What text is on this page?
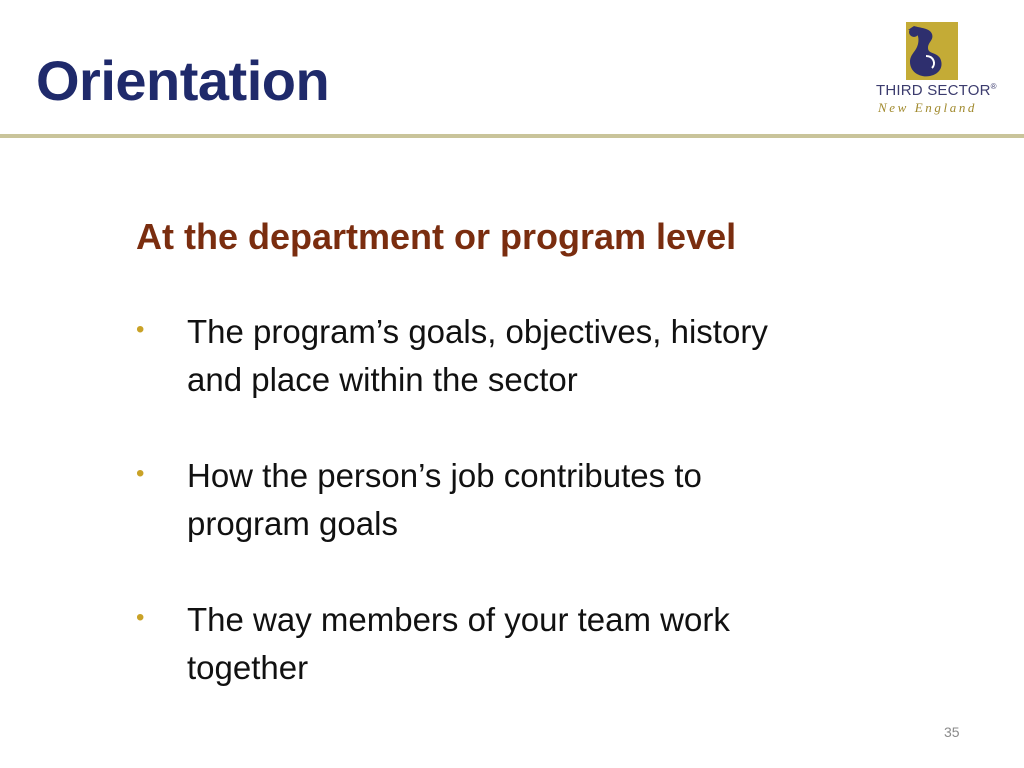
Orientation	THIRD SECTOR®
New England
At the department or program level
• The program’s goals, objectives, history
and place within the sector
• How the person’s job contributes to
program goals
• The way members of your team work
together
35
